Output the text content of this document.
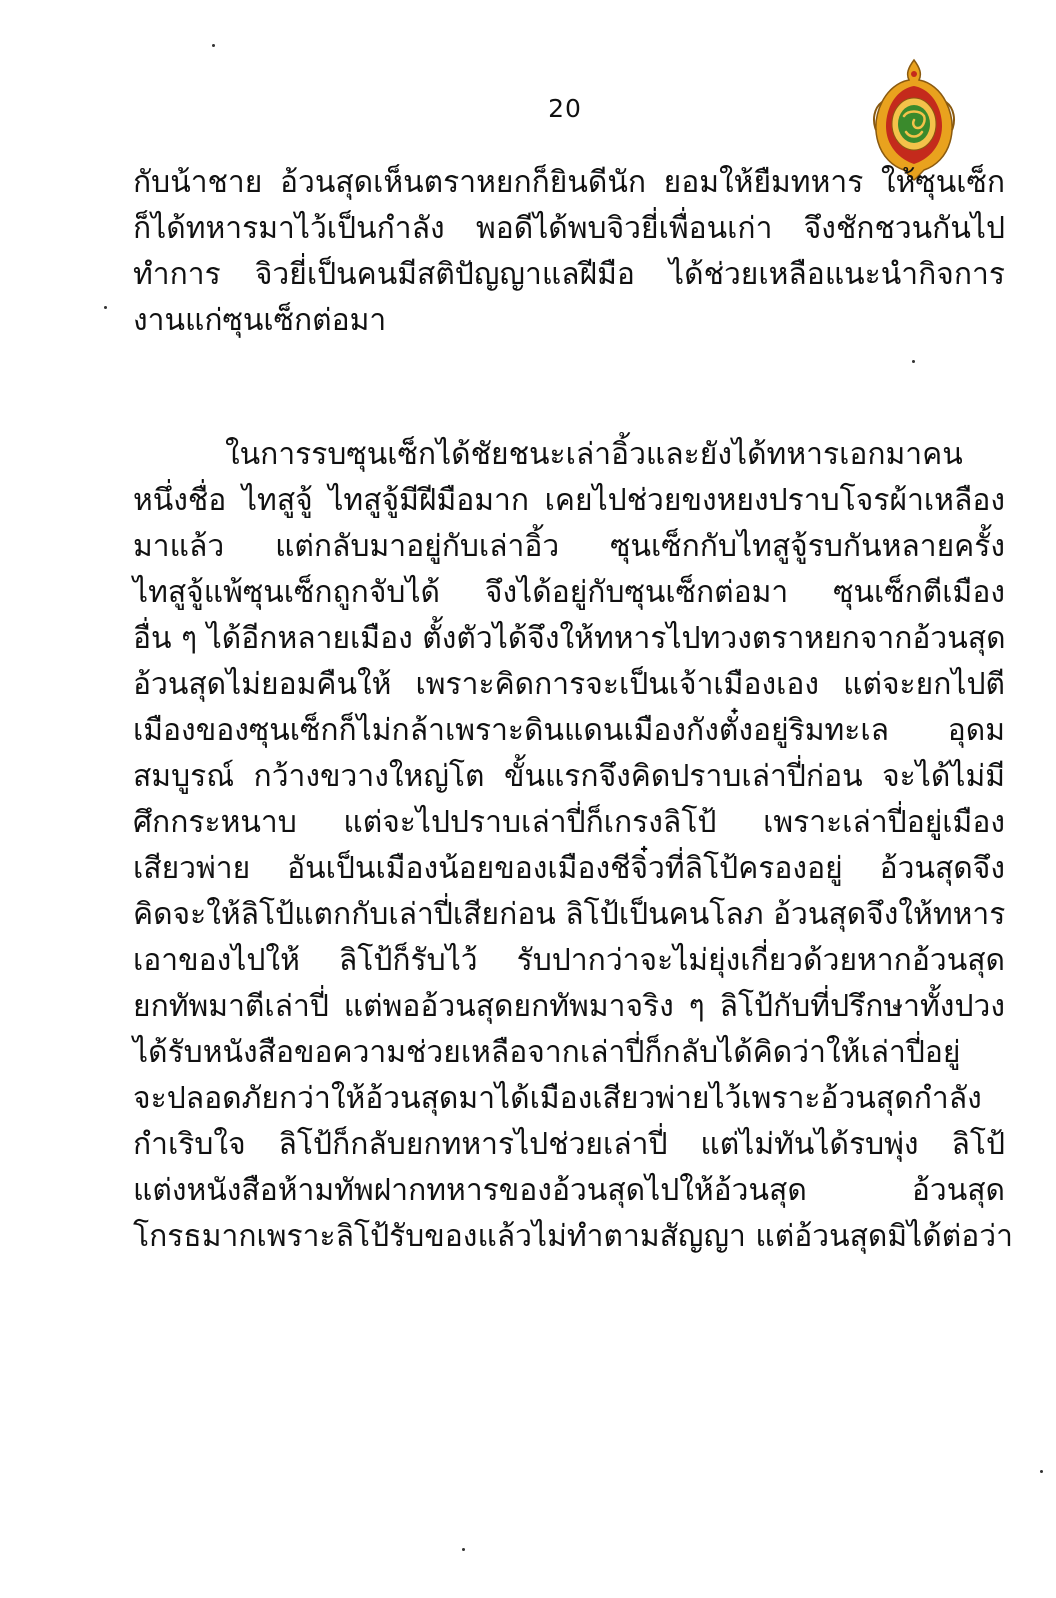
20
กับน้าชาย อ้วนสุดเห็นตราหยกก็ยินดีนัก ยอมให้ยืมทหาร ให้ซุนเซ็ก
ก็ได้ทหารมาไว้เป็นกำลัง พอดีได้พบจิวยี่เพื่อนเก่า จึงชักชวนกันไป
ทำการ จิวยี่เป็นคนมีสติปัญญาแลฝีมือ ได้ช่วยเหลือแนะนำกิจการ
งานแก่ซุนเซ็กต่อมา
ในการรบซุนเซ็กได้ชัยชนะเล่าอิ้วและยังได้ทหารเอกมาคน
หนึ่งชื่อ ไทสูจู้ ไทสูจู้มีฝีมือมาก เคยไปช่วยขงหยงปราบโจรผ้าเหลือง
มาแล้ว แต่กลับมาอยู่กับเล่าอิ้ว ซุนเซ็กกับไทสูจู้รบกันหลายครั้ง
ไทสูจู้แพ้ซุนเซ็กถูกจับได้ จึงได้อยู่กับซุนเซ็กต่อมา ซุนเซ็กตีเมือง
อื่น ๆ ได้อีกหลายเมือง ตั้งตัวได้จึงให้ทหารไปทวงตราหยกจากอ้วนสุด
อ้วนสุดไม่ยอมคืนให้ เพราะคิดการจะเป็นเจ้าเมืองเอง แต่จะยกไปตี
เมืองของซุนเซ็กก็ไม่กล้าเพราะดินแดนเมืองกังตั๋งอยู่ริมทะเล อุดม
สมบูรณ์ กว้างขวางใหญ่โต ขั้นแรกจึงคิดปราบเล่าปี่ก่อน จะได้ไม่มี
ศึกกระหนาบ แต่จะไปปราบเล่าปี่ก็เกรงลิโป้ เพราะเล่าปี่อยู่เมือง
เสียวพ่าย อันเป็นเมืองน้อยของเมืองชีจิ๋วที่ลิโป้ครองอยู่ อ้วนสุดจึง
คิดจะให้ลิโป้แตกกับเล่าปี่เสียก่อน ลิโป้เป็นคนโลภ อ้วนสุดจึงให้ทหาร
เอาของไปให้ ลิโป้ก็รับไว้ รับปากว่าจะไม่ยุ่งเกี่ยวด้วยหากอ้วนสุด
ยกทัพมาตีเล่าปี่ แต่พออ้วนสุดยกทัพมาจริง ๆ ลิโป้กับที่ปรึกษาทั้งปวง
ได้รับหนังสือขอความช่วยเหลือจากเล่าปี่ก็กลับได้คิดว่าให้เล่าปี่อยู่
จะปลอดภัยกว่าให้อ้วนสุดมาได้เมืองเสียวพ่ายไว้เพราะอ้วนสุดกำลัง
กำเริบใจ ลิโป้ก็กลับยกทหารไปช่วยเล่าปี่ แต่ไม่ทันได้รบพุ่ง ลิโป้
แต่งหนังสือห้ามทัพฝากทหารของอ้วนสุดไปให้อ้วนสุด อ้วนสุด
โกรธมากเพราะลิโป้รับของแล้วไม่ทำตามสัญญา แต่อ้วนสุดมิได้ต่อว่า
